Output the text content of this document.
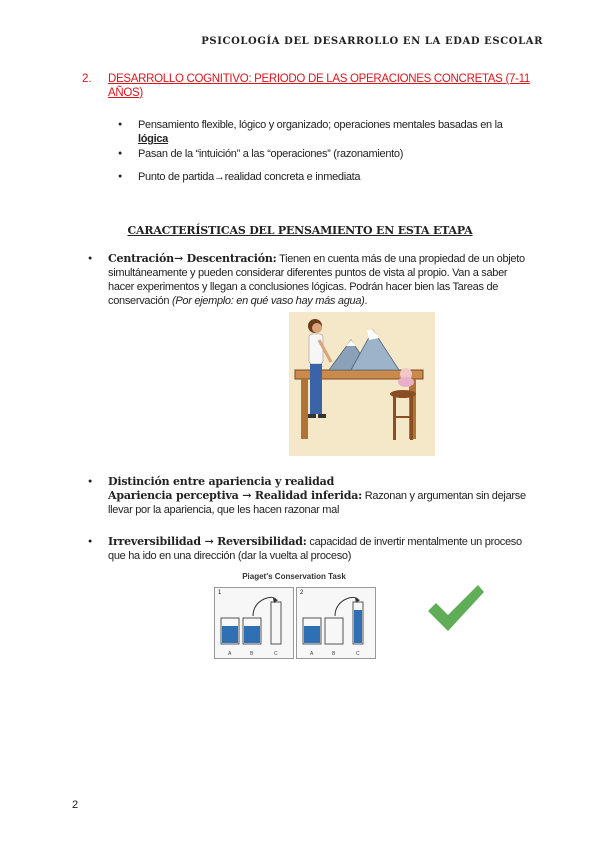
PSICOLOGÍA DEL DESARROLLO EN LA EDAD ESCOLAR
2. DESARROLLO COGNITIVO: PERIODO DE LAS OPERACIONES CONCRETAS (7-11 AÑOS)
● Pensamiento flexible, lógico y organizado; operaciones mentales basadas en la
lógica
● Pasan de la “intuición” a las “operaciones” (razonamiento)
● Punto de partida→realidad concreta e inmediata
CARACTERÍSTICAS DEL PENSAMIENTO EN ESTA ETAPA
● Centración→ Descentración: Tienen en cuenta más de una propiedad de un objeto simultáneamente y pueden considerar diferentes puntos de vista al propio. Van a saber hacer experimentos y llegan a conclusiones lógicas. Podrán hacer bien las Tareas de conservación (Por ejemplo: en qué vaso hay más agua).
● Distinción entre apariencia y realidad
Apariencia perceptiva → Realidad inferida: Razonan y argumentan sin dejarse llevar por la apariencia, que les hacen razonar mal
● Irreversibilidad → Reversibilidad: capacidad de invertir mentalmente un proceso que ha ido en una dirección (dar la vuelta al proceso)
Piaget's Conservation Task
1
A	B	C
2
A	B	C
2
